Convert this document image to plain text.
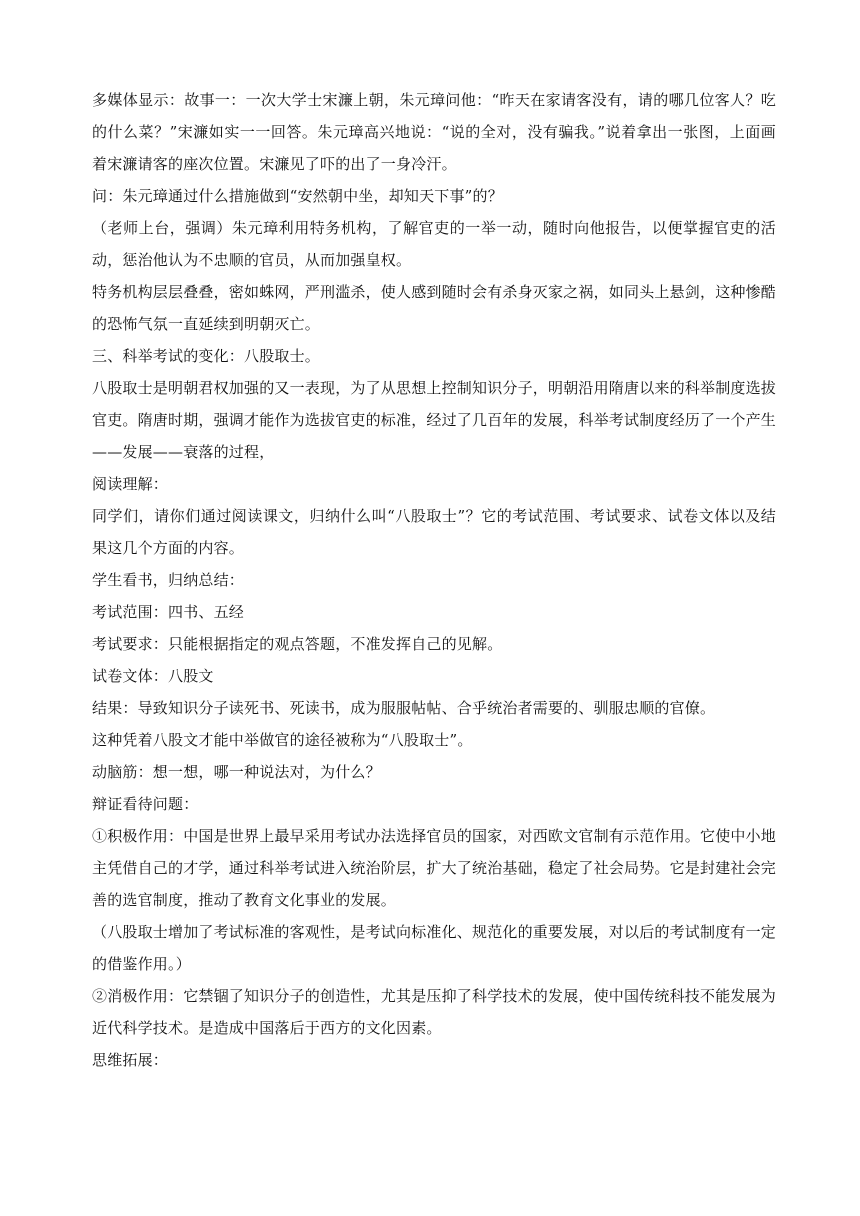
多媒体显示：故事一：一次大学士宋濂上朝，朱元璋问他：“昨天在家请客没有，请的哪几位客人？吃的什么菜？”宋濂如实一一回答。朱元璋高兴地说：“说的全对，没有骗我。”说着拿出一张图，上面画着宋濂请客的座次位置。宋濂见了吓的出了一身冷汗。

问：朱元璋通过什么措施做到“安然朝中坐，却知天下事”的？

（老师上台，强调）朱元璋利用特务机构，了解官吏的一举一动，随时向他报告，以便掌握官吏的活动，惩治他认为不忠顺的官员，从而加强皇权。

特务机构层层叠叠，密如蛛网，严刑滥杀，使人感到随时会有杀身灭家之祸，如同头上悬剑，这种惨酷的恐怖气氛一直延续到明朝灭亡。

三、科举考试的变化：八股取士。

八股取士是明朝君权加强的又一表现，为了从思想上控制知识分子，明朝沿用隋唐以来的科举制度选拔官吏。隋唐时期，强调才能作为选拔官吏的标准，经过了几百年的发展，科举考试制度经历了一个产生——发展——衰落的过程，

阅读理解：

同学们，请你们通过阅读课文，归纳什么叫“八股取士”？它的考试范围、考试要求、试卷文体以及结果这几个方面的内容。

学生看书，归纳总结：

考试范围：四书、五经

考试要求：只能根据指定的观点答题，不准发挥自己的见解。

试卷文体：八股文

结果：导致知识分子读死书、死读书，成为服服帖帖、合乎统治者需要的、驯服忠顺的官僚。

这种凭着八股文才能中举做官的途径被称为“八股取士”。

动脑筋：想一想，哪一种说法对，为什么？

辩证看待问题：

①积极作用：中国是世界上最早采用考试办法选择官员的国家，对西欧文官制有示范作用。它使中小地主凭借自己的才学，通过科举考试进入统治阶层，扩大了统治基础，稳定了社会局势。它是封建社会完善的选官制度，推动了教育文化事业的发展。

（八股取士增加了考试标准的客观性，是考试向标准化、规范化的重要发展，对以后的考试制度有一定的借鉴作用。）

②消极作用：它禁锢了知识分子的创造性，尤其是压抑了科学技术的发展，使中国传统科技不能发展为近代科学技术。是造成中国落后于西方的文化因素。

思维拓展：
